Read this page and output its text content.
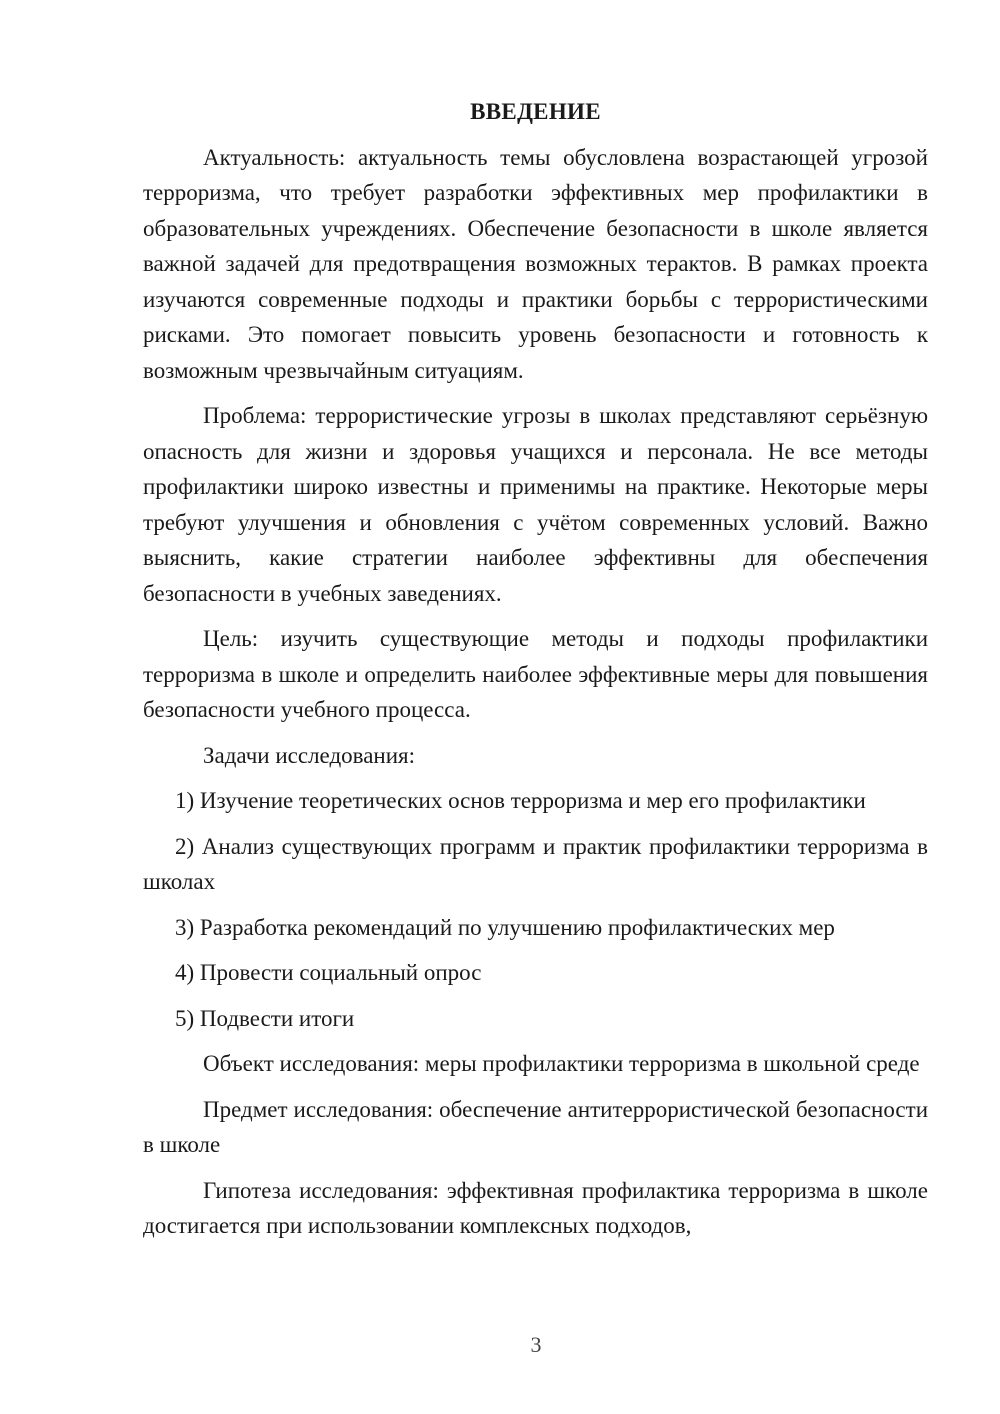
ВВЕДЕНИЕ

Актуальность: актуальность темы обусловлена возрастающей угрозой терроризма, что требует разработки эффективных мер профилактики в образовательных учреждениях. Обеспечение безопасности в школе является важной задачей для предотвращения возможных терактов. В рамках проекта изучаются современные подходы и практики борьбы с террористическими рисками. Это помогает повысить уровень безопасности и готовность к возможным чрезвычайным ситуациям.

Проблема: террористические угрозы в школах представляют серьёзную опасность для жизни и здоровья учащихся и персонала. Не все методы профилактики широко известны и применимы на практике. Некоторые меры требуют улучшения и обновления с учётом современных условий. Важно выяснить, какие стратегии наиболее эффективны для обеспечения безопасности в учебных заведениях.

Цель: изучить существующие методы и подходы профилактики терроризма в школе и определить наиболее эффективные меры для повышения безопасности учебного процесса.

Задачи исследования:

1) Изучение теоретических основ терроризма и мер его профилактики

2) Анализ существующих программ и практик профилактики терроризма в школах

3) Разработка рекомендаций по улучшению профилактических мер

4) Провести социальный опрос

5) Подвести итоги

Объект исследования: меры профилактики терроризма в школьной среде

Предмет исследования: обеспечение антитеррористической безопасности в школе

Гипотеза исследования: эффективная профилактика терроризма в школе достигается при использовании комплексных подходов,

3
